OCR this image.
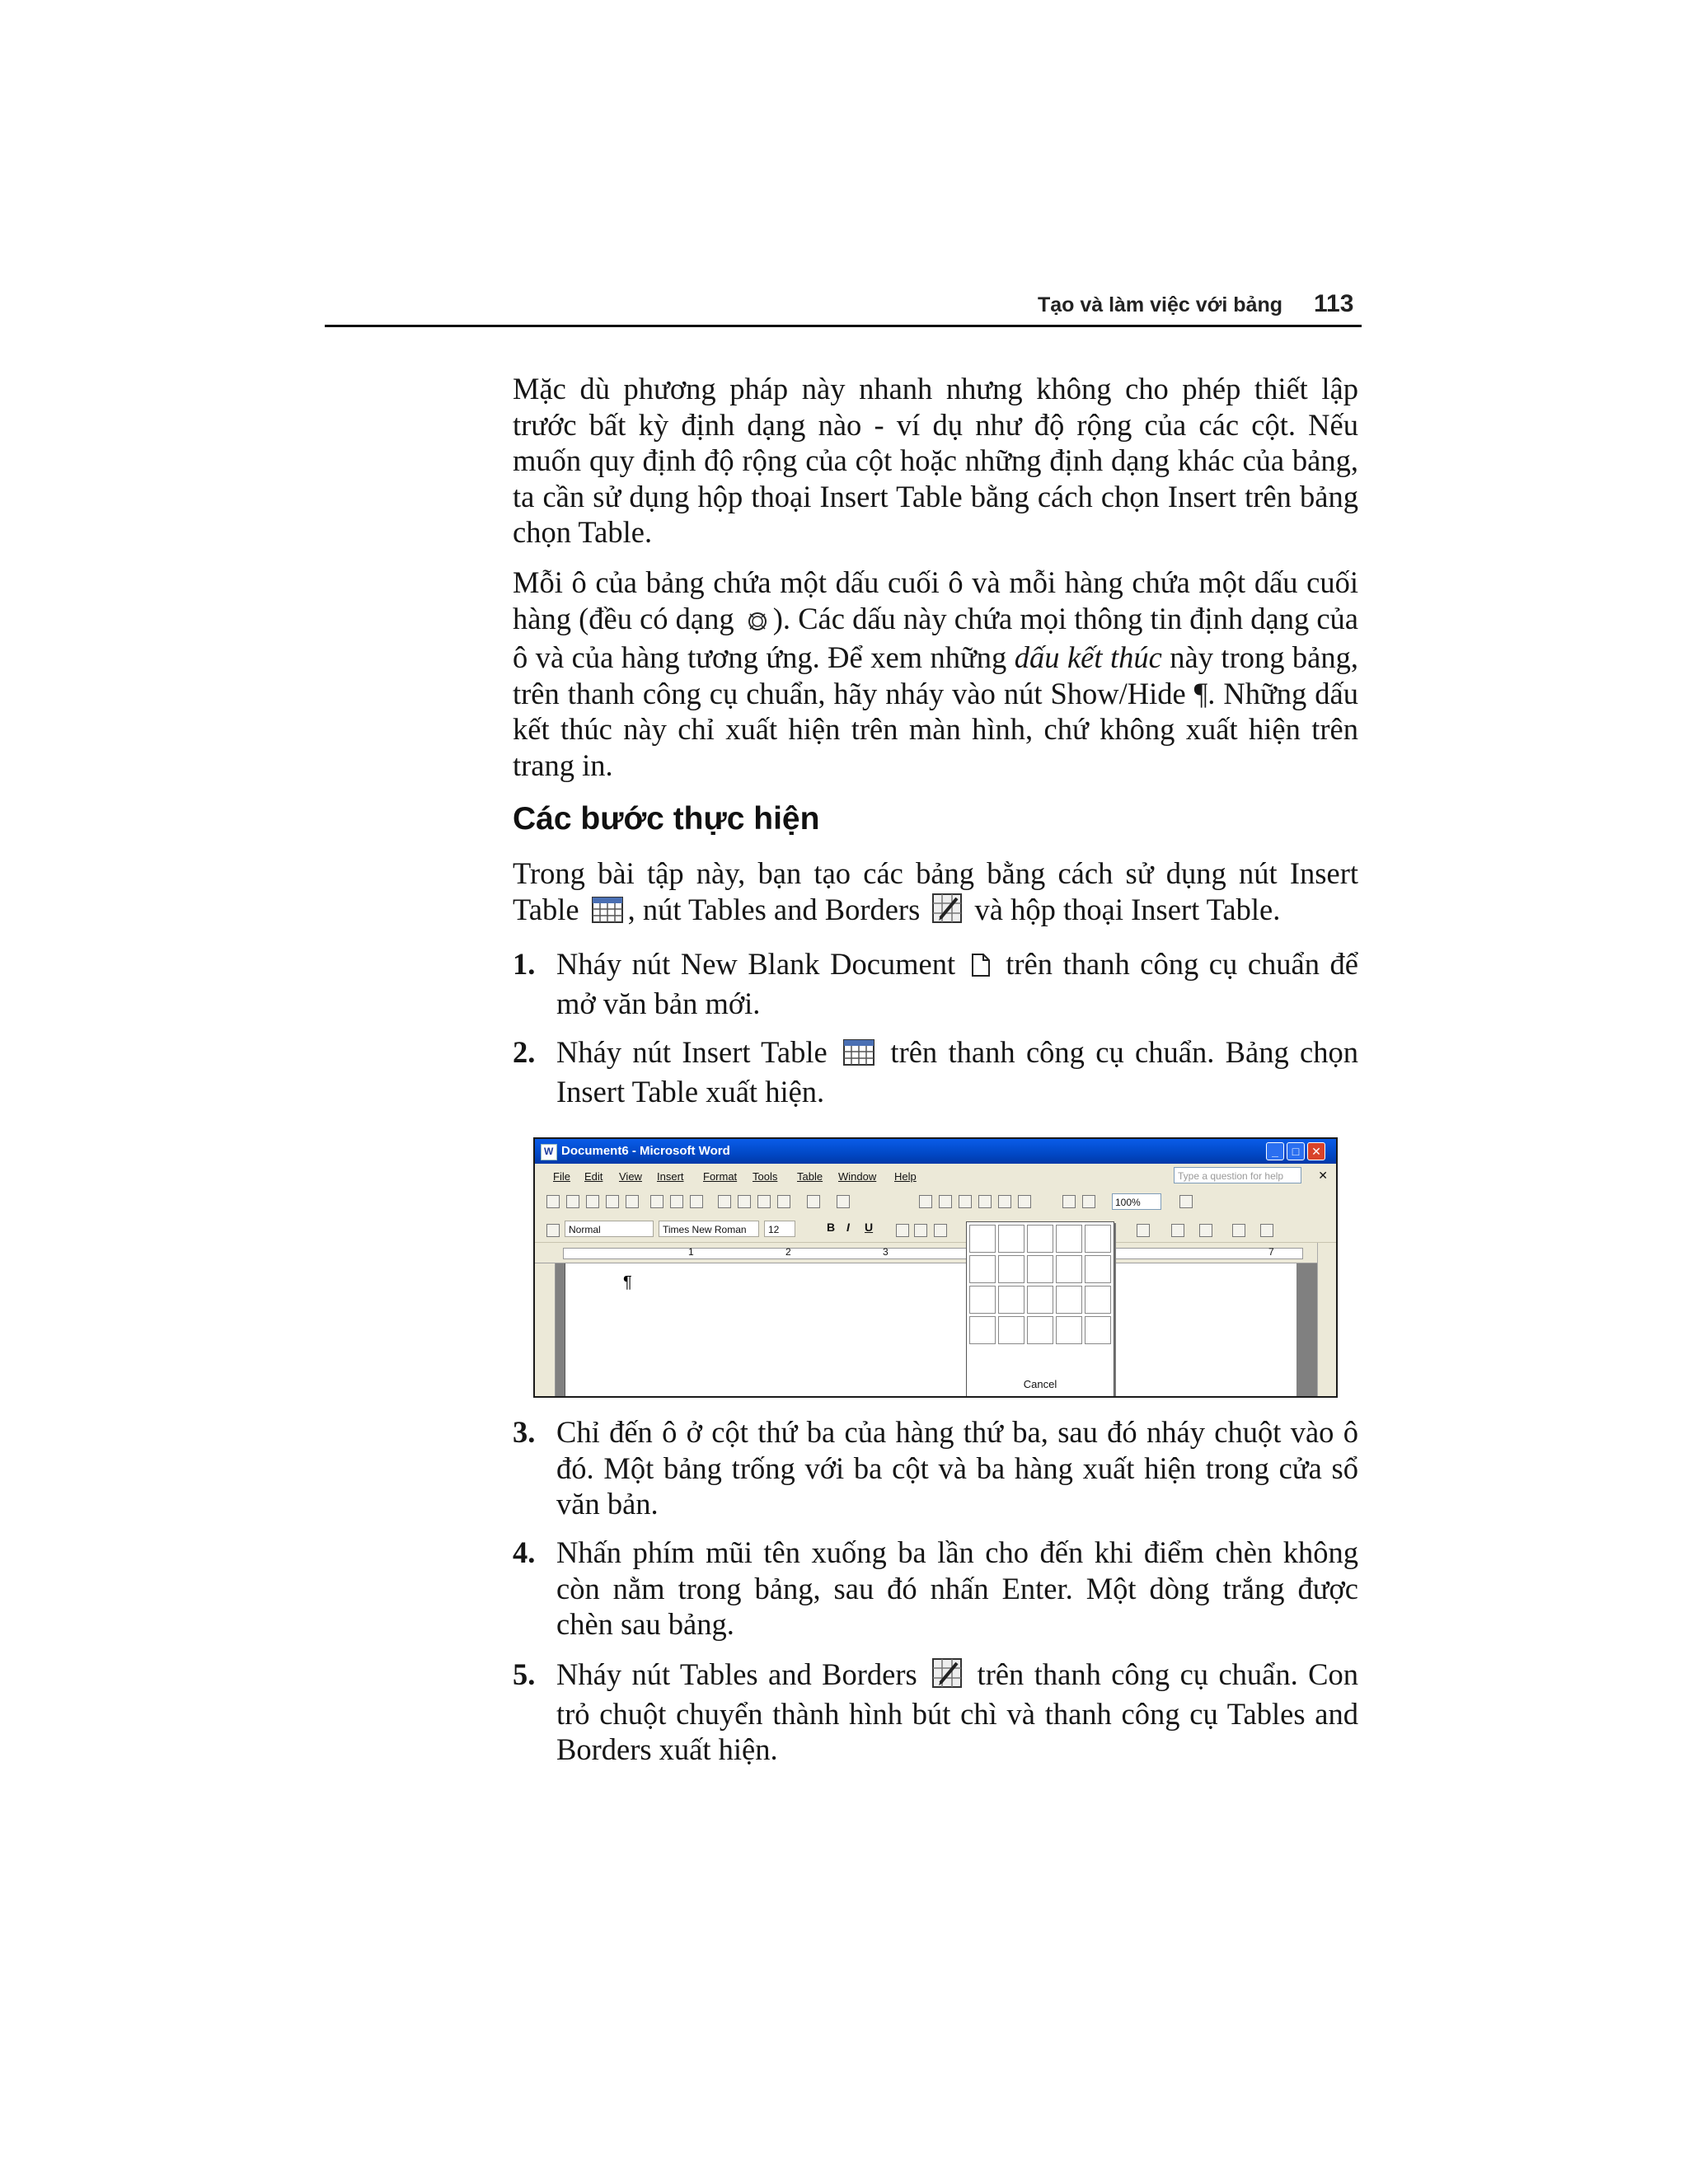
Tạo và làm việc với bảng 113

Mặc dù phương pháp này nhanh nhưng không cho phép thiết lập trước bất kỳ định dạng nào - ví dụ như độ rộng của các cột. Nếu muốn quy định độ rộng của cột hoặc những định dạng khác của bảng, ta cần sử dụng hộp thoại Insert Table bằng cách chọn Insert trên bảng chọn Table.

Mỗi ô của bảng chứa một dấu cuối ô và mỗi hàng chứa một dấu cuối hàng (đều có dạng ). Các dấu này chứa mọi thông tin định dạng của ô và của hàng tương ứng. Để xem những dấu kết thúc này trong bảng, trên thanh công cụ chuẩn, hãy nháy vào nút Show/Hide ¶. Những dấu kết thúc này chỉ xuất hiện trên màn hình, chứ không xuất hiện trên trang in.

Các bước thực hiện

Trong bài tập này, bạn tạo các bảng bằng cách sử dụng nút Insert Table , nút Tables and Borders  và hộp thoại Insert Table.

1. Nháy nút New Blank Document  trên thanh công cụ chuẩn để mở văn bản mới.
2. Nháy nút Insert Table  trên thanh công cụ chuẩn. Bảng chọn Insert Table xuất hiện.
W
Document6 - Microsoft Word	_	□	✕
File Edit View Insert Format Tools Table Window Help	Type a question for help	✕
100%
Normal	Times New Roman	12	B I U
1	2	3	7
¶
Cancel
3. Chỉ đến ô ở cột thứ ba của hàng thứ ba, sau đó nháy chuột vào ô đó. Một bảng trống với ba cột và ba hàng xuất hiện trong cửa sổ văn bản.
4. Nhấn phím mũi tên xuống ba lần cho đến khi điểm chèn không còn nằm trong bảng, sau đó nhấn Enter. Một dòng trắng được chèn sau bảng.
5. Nháy nút Tables and Borders  trên thanh công cụ chuẩn. Con trỏ chuột chuyển thành hình bút chì và thanh công cụ Tables and Borders xuất hiện.
